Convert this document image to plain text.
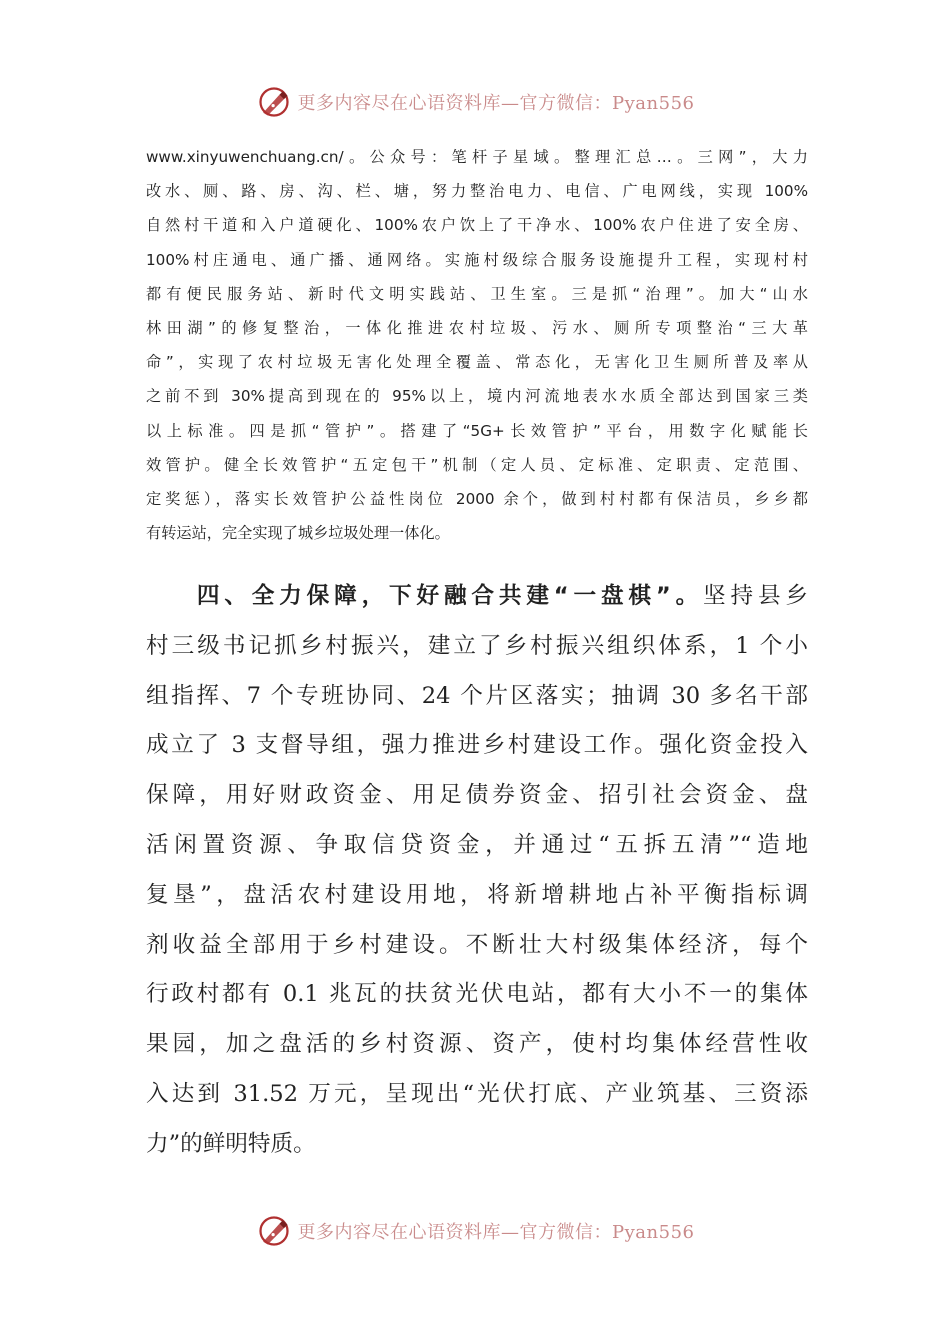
更多内容尽在心语资料库—官方微信：Pyan556
www.xinyuwenchuang.cn/。公众号：笔杆子星域。整理汇总…。三网”，大力
改水、厕、路、房、沟、栏、塘，努力整治电力、电信、广电网线，实现 100%
自然村干道和入户道硬化、100%农户饮上了干净水、100%农户住进了安全房、
100%村庄通电、通广播、通网络。实施村级综合服务设施提升工程，实现村村
都有便民服务站、新时代文明实践站、卫生室。三是抓“治理”。加大“山水
林田湖”的修复整治，一体化推进农村垃圾、污水、厕所专项整治“三大革
命”，实现了农村垃圾无害化处理全覆盖、常态化，无害化卫生厕所普及率从
之前不到 30%提高到现在的 95%以上，境内河流地表水水质全部达到国家三类
以上标准。四是抓“管护”。搭建了“5G+长效管护”平台，用数字化赋能长
效管护。健全长效管护“五定包干”机制（定人员、定标准、定职责、定范围、
定奖惩），落实长效管护公益性岗位 2000 余个，做到村村都有保洁员，乡乡都
有转运站，完全实现了城乡垃圾处理一体化。
四、全力保障，下好融合共建“一盘棋”。坚持县乡
村三级书记抓乡村振兴，建立了乡村振兴组织体系，1 个小
组指挥、7 个专班协同、24 个片区落实；抽调 30 多名干部
成立了 3 支督导组，强力推进乡村建设工作。强化资金投入
保障，用好财政资金、用足债券资金、招引社会资金、盘
活闲置资源、争取信贷资金，并通过“五拆五清”“造地
复垦”，盘活农村建设用地，将新增耕地占补平衡指标调
剂收益全部用于乡村建设。不断壮大村级集体经济，每个
行政村都有 0.1 兆瓦的扶贫光伏电站，都有大小不一的集体
果园，加之盘活的乡村资源、资产，使村均集体经营性收
入达到 31.52 万元，呈现出“光伏打底、产业筑基、三资添
力”的鲜明特质。
更多内容尽在心语资料库—官方微信：Pyan556
